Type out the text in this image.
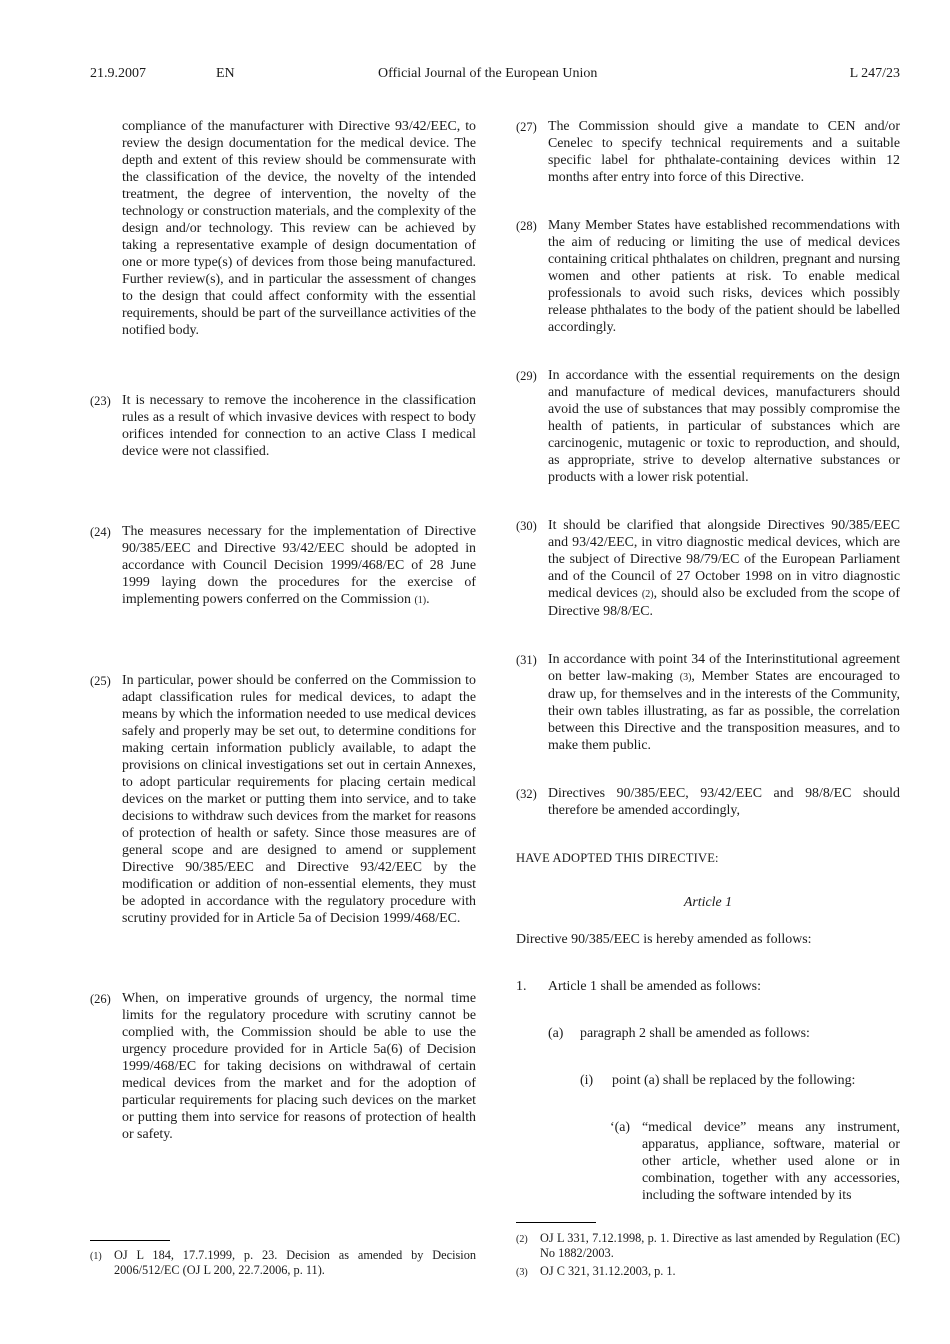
21.9.2007	EN	Official Journal of the European Union	L 247/23

compliance of the manufacturer with Directive 93/42/EEC, to review the design documentation for the medical device. The depth and extent of this review should be commensurate with the classification of the device, the novelty of the intended treatment, the degree of intervention, the novelty of the technology or construction materials, and the complexity of the design and/or technology. This review can be achieved by taking a representative example of design documentation of one or more type(s) of devices from those being manufactured. Further review(s), and in particular the assessment of changes to the design that could affect conformity with the essential requirements, should be part of the surveillance activities of the notified body.

(23) It is necessary to remove the incoherence in the classification rules as a result of which invasive devices with respect to body orifices intended for connection to an active Class I medical device were not classified.

(24) The measures necessary for the implementation of Directive 90/385/EEC and Directive 93/42/EEC should be adopted in accordance with Council Decision 1999/468/EC of 28 June 1999 laying down the procedures for the exercise of implementing powers conferred on the Commission (1).

(25) In particular, power should be conferred on the Commission to adapt classification rules for medical devices, to adapt the means by which the information needed to use medical devices safely and properly may be set out, to determine conditions for making certain information publicly available, to adapt the provisions on clinical investigations set out in certain Annexes, to adopt particular requirements for placing certain medical devices on the market or putting them into service, and to take decisions to withdraw such devices from the market for reasons of protection of health or safety. Since those measures are of general scope and are designed to amend or supplement Directive 90/385/EEC and Directive 93/42/EEC by the modification or addition of non-essential elements, they must be adopted in accordance with the regulatory procedure with scrutiny provided for in Article 5a of Decision 1999/468/EC.

(26) When, on imperative grounds of urgency, the normal time limits for the regulatory procedure with scrutiny cannot be complied with, the Commission should be able to use the urgency procedure provided for in Article 5a(6) of Decision 1999/468/EC for taking decisions on withdrawal of certain medical devices from the market and for the adoption of particular requirements for placing such devices on the market or putting them into service for reasons of protection of health or safety.

(1)	OJ L 184, 17.7.1999, p. 23. Decision as amended by Decision 2006/512/EC (OJ L 200, 22.7.2006, p. 11).
(27) The Commission should give a mandate to CEN and/or Cenelec to specify technical requirements and a suitable specific label for phthalate-containing devices within 12 months after entry into force of this Directive.

(28) Many Member States have established recommendations with the aim of reducing or limiting the use of medical devices containing critical phthalates on children, pregnant and nursing women and other patients at risk. To enable medical professionals to avoid such risks, devices which possibly release phthalates to the body of the patient should be labelled accordingly.

(29) In accordance with the essential requirements on the design and manufacture of medical devices, manufacturers should avoid the use of substances that may possibly compromise the health of patients, in particular of substances which are carcinogenic, mutagenic or toxic to reproduction, and should, as appropriate, strive to develop alternative substances or products with a lower risk potential.

(30) It should be clarified that alongside Directives 90/385/EEC and 93/42/EEC, in vitro diagnostic medical devices, which are the subject of Directive 98/79/EC of the European Parliament and of the Council of 27 October 1998 on in vitro diagnostic medical devices (2), should also be excluded from the scope of Directive 98/8/EC.

(31) In accordance with point 34 of the Interinstitutional agreement on better law-making (3), Member States are encouraged to draw up, for themselves and in the interests of the Community, their own tables illustrating, as far as possible, the correlation between this Directive and the transposition measures, and to make them public.

(32) Directives 90/385/EEC, 93/42/EEC and 98/8/EC should therefore be amended accordingly,

HAVE ADOPTED THIS DIRECTIVE:

Article 1

Directive 90/385/EEC is hereby amended as follows:

1. Article 1 shall be amended as follows:

(a) paragraph 2 shall be amended as follows:

(i) point (a) shall be replaced by the following:

‘(a) “medical device” means any instrument, apparatus, appliance, software, material or other article, whether used alone or in combination, together with any accessories, including the software intended by its

(2)	OJ L 331, 7.12.1998, p. 1. Directive as last amended by Regulation (EC) No 1882/2003.
(3)	OJ C 321, 31.12.2003, p. 1.
